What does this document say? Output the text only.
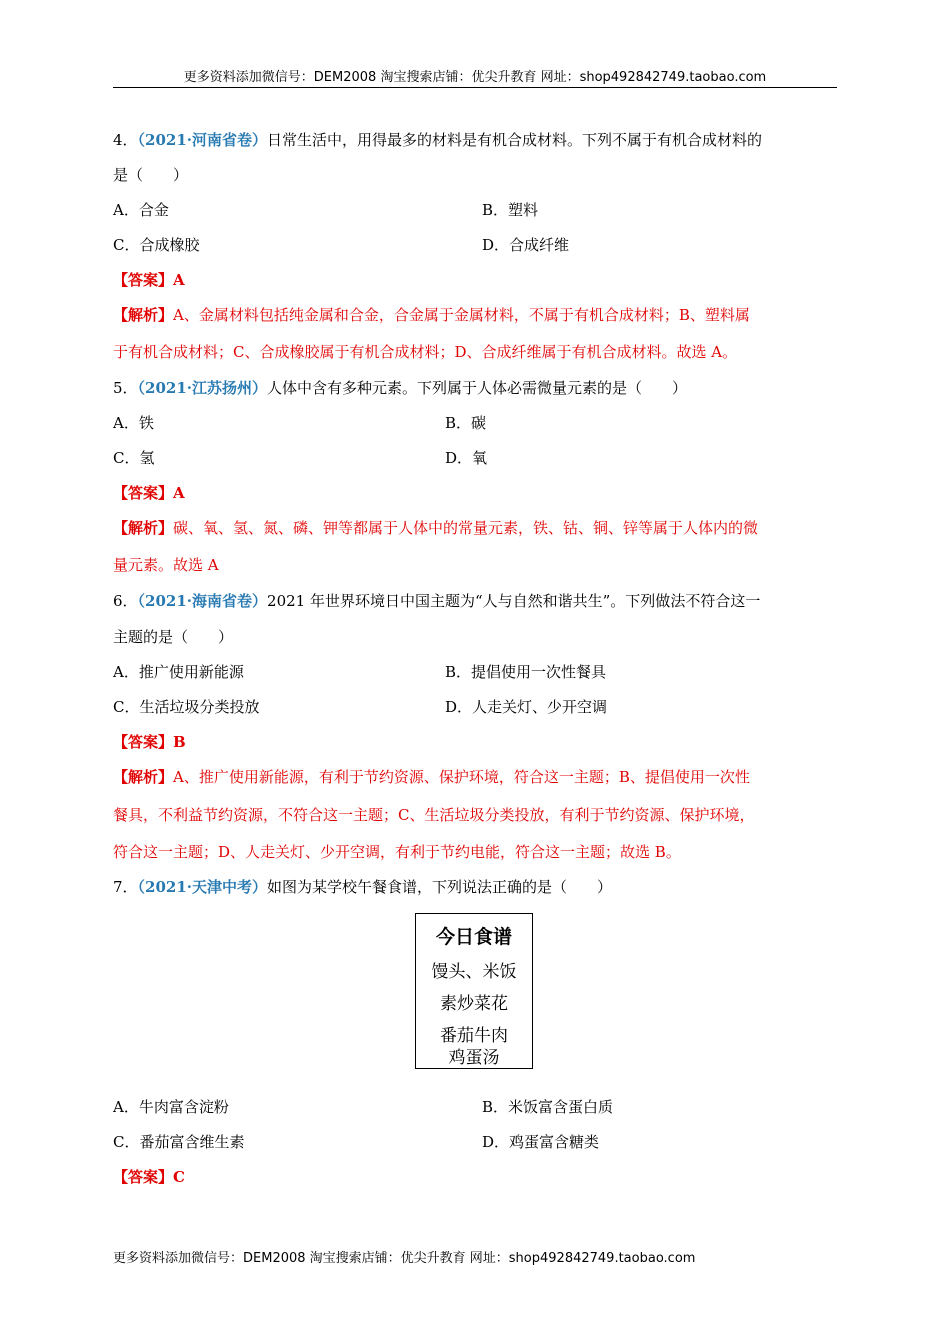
更多资料添加微信号：DEM2008 淘宝搜索店铺：优尖升教育 网址：shop492842749.taobao.com
4．（2021·河南省卷）日常生活中，用得最多的材料是有机合成材料。下列不属于有机合成材料的
是（　　）
A．合金	B．塑料
C．合成橡胶	D．合成纤维
【答案】A
【解析】A、金属材料包括纯金属和合金，合金属于金属材料，不属于有机合成材料；B、塑料属
于有机合成材料；C、合成橡胶属于有机合成材料；D、合成纤维属于有机合成材料。故选 A。
5．（2021·江苏扬州）人体中含有多种元素。下列属于人体必需微量元素的是（　　）
A．铁	B．碳
C．氢	D．氧
【答案】A
【解析】碳、氧、氢、氮、磷、钾等都属于人体中的常量元素，铁、钴、铜、锌等属于人体内的微
量元素。故选 A
6．（2021·海南省卷）2021 年世界环境日中国主题为“人与自然和谐共生”。下列做法不符合这一
主题的是（　　）
A．推广使用新能源	B．提倡使用一次性餐具
C．生活垃圾分类投放	D．人走关灯、少开空调
【答案】B
【解析】A、推广使用新能源，有利于节约资源、保护环境，符合这一主题；B、提倡使用一次性
餐具，不利益节约资源，不符合这一主题；C、生活垃圾分类投放，有利于节约资源、保护环境，
符合这一主题；D、人走关灯、少开空调，有利于节约电能，符合这一主题；故选 B。
7．（2021·天津中考）如图为某学校午餐食谱，下列说法正确的是（　　）
今日食谱
馒头、米饭
素炒菜花
番茄牛肉
鸡蛋汤
A．牛肉富含淀粉	B．米饭富含蛋白质
C．番茄富含维生素	D．鸡蛋富含糖类
【答案】C
更多资料添加微信号：DEM2008 淘宝搜索店铺：优尖升教育 网址：shop492842749.taobao.com
